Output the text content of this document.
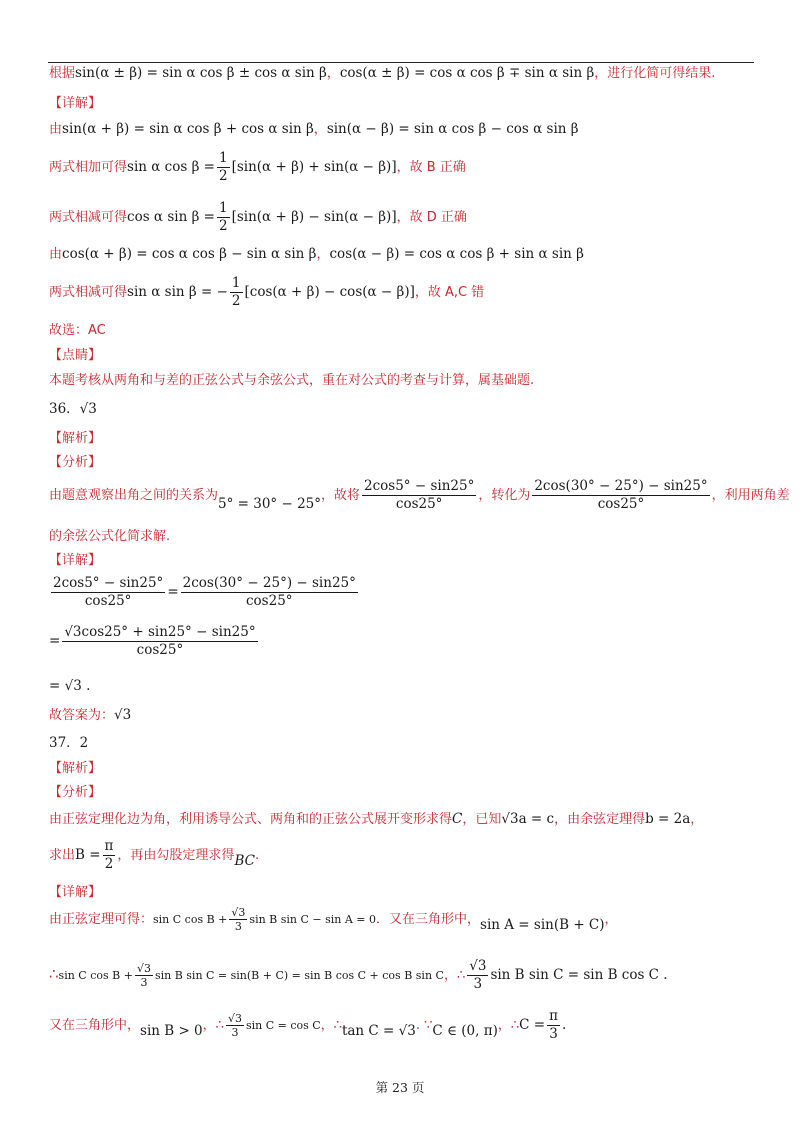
根据sin(α ± β) = sin α cos β ± cos α sin β，cos(α ± β) = cos α cos β ∓ sin α sin β，进行化简可得结果.
【详解】
由sin(α + β) = sin α cos β + cos α sin β，sin(α − β) = sin α cos β − cos α sin β
两式相加可得sin α $\cos \beta = \frac{1}{2} [\sin(\alpha + \beta) + \sin(\alpha - \beta)]$，故 B 正确
两式相减可得cos α $\sin \beta = \frac{1}{2} [\sin(\alpha + \beta) - \sin(\alpha - \beta)]$，故 D 正确
由cos(α + β) = cos α cos β − sin α sin β，cos(α − β) = cos α cos β + sin α sin β
两式相减可得sin α sin β = − $\frac{1}{2} [\cos(\alpha + \beta) - \cos(\alpha - \beta)]$，故 A,C 错
故选：AC
【点睛】
本题考核从两角和与差的正弦公式与余弦公式，重在对公式的考查与计算，属基础题.
36．√3
【解析】
【分析】
由题意观察出角之间的关系为5° = 30° − 25°，故将 $\frac{2\cos 5^\circ - \sin 25^\circ}{\cos 25^\circ}$ ，转化为 $\frac{2\cos(30^\circ - 25^\circ) - \sin 25^\circ}{\cos 25^\circ}$ ，利用两角差
的余弦公式化简求解.
【详解】
$\frac{2\cos 5^\circ - \sin 25^\circ}{\cos 25^\circ} = \frac{2\cos(30^\circ - 25^\circ) - \sin 25^\circ}{\cos 25^\circ}$
= $\frac{√3\cos 25^\circ + \sin 25^\circ - \sin 25^\circ}{\cos 25^\circ}$
= √3 .
故答案为：√3
37．2
【解析】
【分析】
由正弦定理化边为角，利用诱导公式、两角和的正弦公式展开变形求得C，已知√3a = c，由余弦定理得b = 2a，
求出$B = \frac{\pi}{2}$ ，再由勾股定理求得BC.
【详解】
由正弦定理可得：sin C $\cos B + \frac{√3}{3}$ sin B sin C − sin A = 0．又在三角形中，sin A = sin(B + C)，
∴sin C $\cos B + \frac{√3}{3}$ sin B sin C = sin(B + C) = sin B cos C + cos B sin C，∴ $\frac{√3}{3}$ sin B sin C = sin B cos C .
又在三角形中，sin B > 0，∴ $\frac{√3}{3}$ sin C = cos C，∴tan C = √3. ∵C ∈ (0, π)，∴C = $\frac{\pi}{3}$ .
第 23 页
